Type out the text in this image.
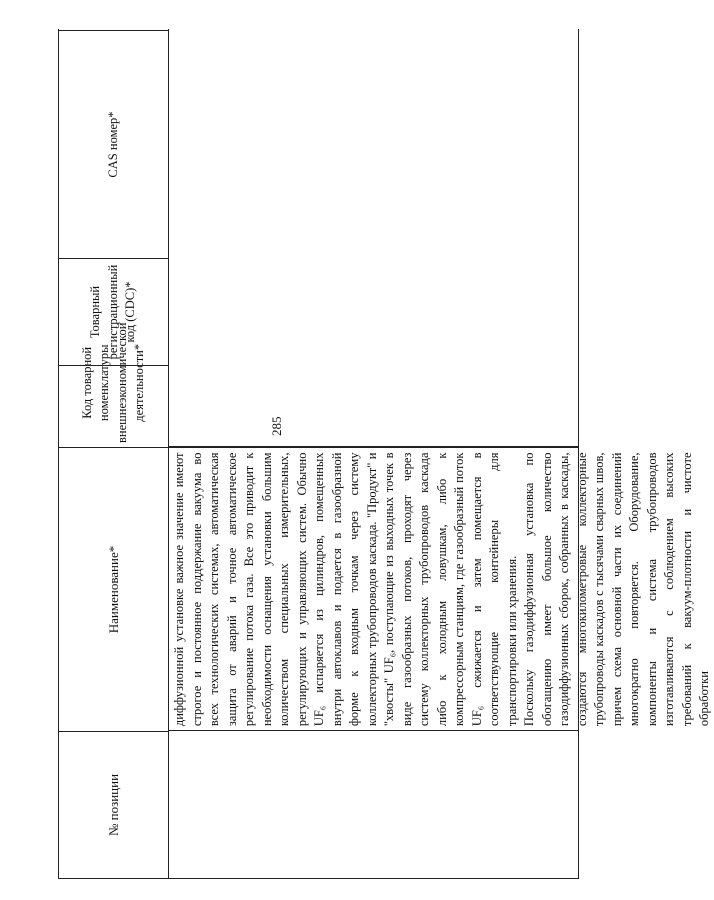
285
№ позиции
Наименование*
Код товарной номенклатуры внешнеэкономической деятельности*
Товарный регистрационный код (CDC)*
CAS номер*

диффузионной установке важное значение имеют строгое и постоянное поддержание вакуума во всех технологических системах, автоматическая защита от аварий и точное автоматическое регулирование потока газа. Все это приводит к необходимости оснащения установки большим количеством специальных измерительных, регулирующих и управляющих систем. Обычно UF₆ испаряется из цилиндров, помещенных внутри автоклавов и подается в газообразной форме к входным точкам через систему коллекторных трубопроводов каскада. "Продукт" и "хвосты" UF₆, поступающие из выходных точек в виде газообразных потоков, проходят через систему коллекторных трубопроводов каскада либо к холодным ловушкам, либо к компрессорным станциям, где газообразный поток UF₆ сжижается и затем помещается в соответствующие контейнеры для транспортировки или хранения. Поскольку газодиффузионная установка по обогащению имеет большое количество газодиффузионных сборок, собранных в каскады, создаются многокилометровые коллекторные трубопроводы каскадов с тысячами сварных швов, причем схема основной части их соединений многократно повторяется. Оборудование, компоненты и система трубопроводов изготавливаются с соблюдением высоких требований к вакуум-плотности и чистоте обработки
